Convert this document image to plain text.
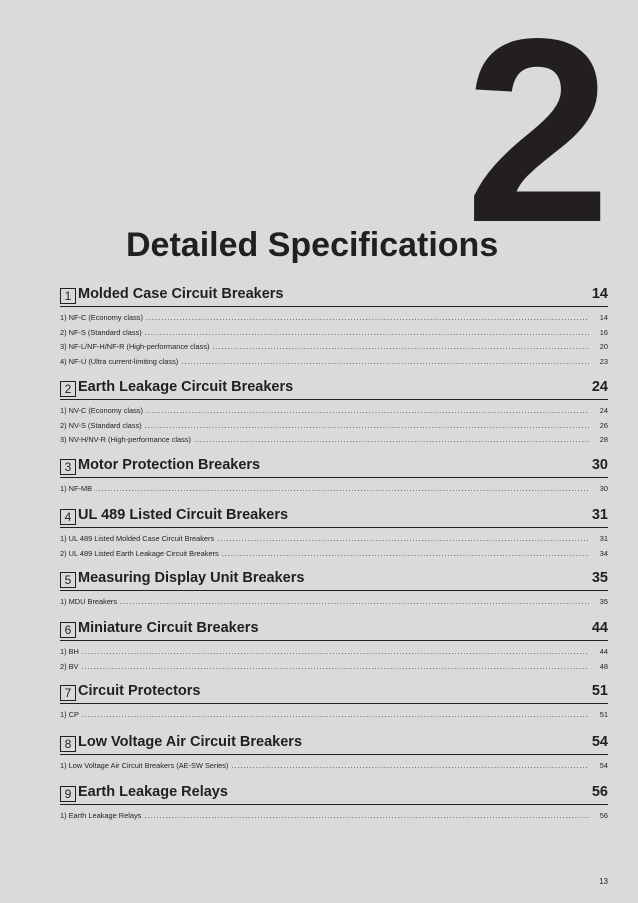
2
Detailed Specifications
1 Molded Case Circuit Breakers	14
1) NF-C (Economy class) .....	14
2) NF-S (Standard class) .....	16
3) NF-L/NF-H/NF-R (High-performance class) .....	20
4) NF-U (Ultra current-limiting class) .....	23
2 Earth Leakage Circuit Breakers	24
1) NV-C (Economy class) .....	24
2) NV-S (Standard class) .....	26
3) NV-H/NV-R (High-performance class) .....	28
3 Motor Protection Breakers	30
1) NF-MB .....	30
4 UL 489 Listed Circuit Breakers	31
1) UL 489 Listed Molded Case Circuit Breakers .....	31
2) UL 489 Listed Earth Leakage Circuit Breakers .....	34
5 Measuring Display Unit Breakers	35
1) MDU Breakers .....	35
6 Miniature Circuit Breakers	44
1) BH .....	44
2) BV .....	48
7 Circuit Protectors	51
1) CP .....	51
8 Low Voltage Air Circuit Breakers	54
1) Low Voltage Air Circuit Breakers (AE-SW Series) .....	54
9 Earth Leakage Relays	56
1) Earth Leakage Relays .....	56
13
